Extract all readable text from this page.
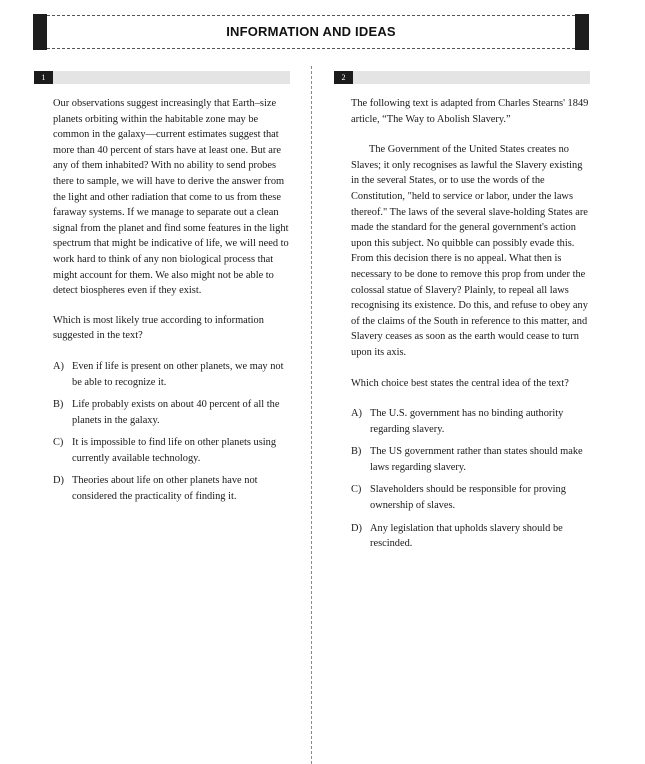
INFORMATION AND IDEAS
1	2

Our observations suggest increasingly that Earth–size planets orbiting within the habitable zone may be common in the galaxy—current estimates suggest that more than 40 percent of stars have at least one. But are any of them inhabited? With no ability to send probes there to sample, we will have to derive the answer from the light and other radiation that come to us from these faraway systems. If we manage to separate out a clean signal from the planet and find some features in the light spectrum that might be indicative of life, we will need to work hard to think of any non biological process that might account for them. We also might not be able to detect biospheres even if they exist.

Which is most likely true according to information suggested in the text?

A) Even if life is present on other planets, we may not be able to recognize it.
B) Life probably exists on about 40 percent of all the planets in the galaxy.
C) It is impossible to find life on other planets using currently available technology.
D) Theories about life on other planets have not considered the practicality of finding it.

The following text is adapted from Charles Stearns' 1849 article, “The Way to Abolish Slavery.”

The Government of the United States creates no Slaves; it only recognises as lawful the Slavery existing in the several States, or to use the words of the Constitution, "held to service or labor, under the laws thereof." The laws of the several slave-holding States are made the standard for the general government's action upon this subject. No quibble can possibly evade this. From this decision there is no appeal. What then is necessary to be done to remove this prop from under the colossal statue of Slavery? Plainly, to repeal all laws recognising its existence. Do this, and refuse to obey any of the claims of the South in reference to this matter, and Slavery ceases as soon as the earth would cease to turn upon its axis.

Which choice best states the central idea of the text?

A) The U.S. government has no binding authority regarding slavery.
B) The US government rather than states should make laws regarding slavery.
C) Slaveholders should be responsible for proving ownership of slaves.
D) Any legislation that upholds slavery should be rescinded.
